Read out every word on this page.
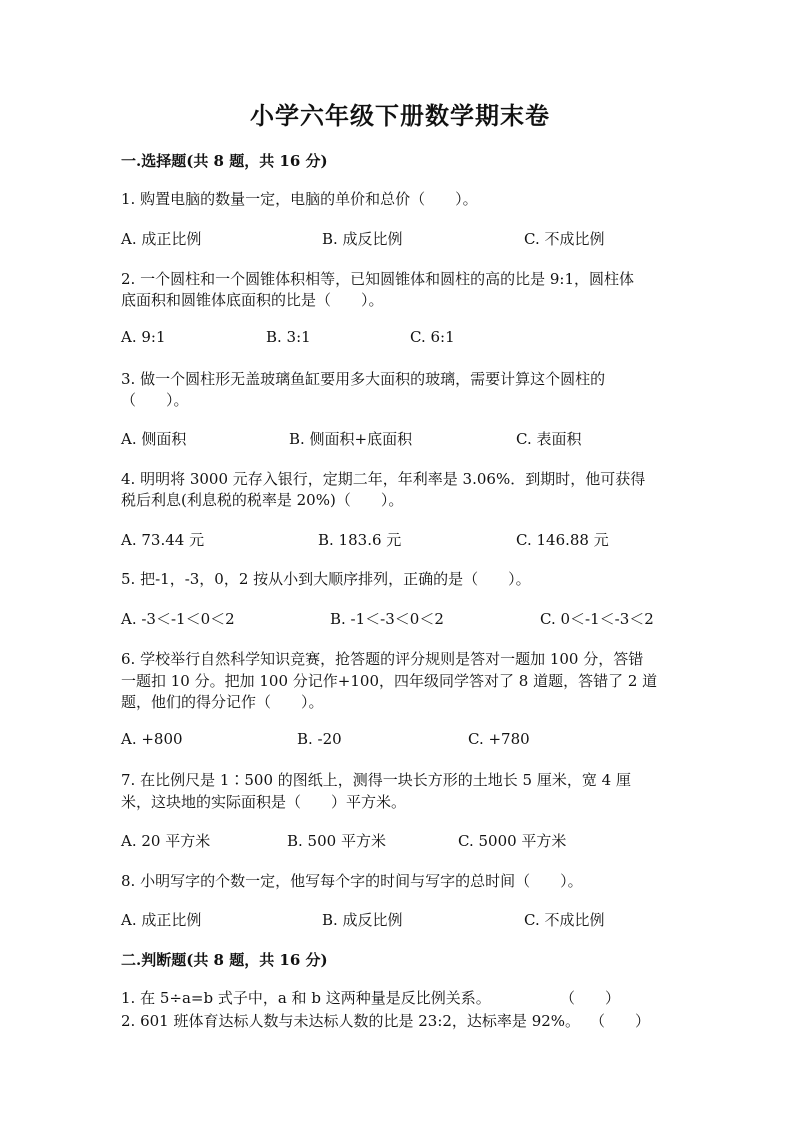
小学六年级下册数学期末卷
一.选择题(共 8 题，共 16 分)
1. 购置电脑的数量一定，电脑的单价和总价（　　）。
A. 成正比例	B. 成反比例	C. 不成比例
2. 一个圆柱和一个圆锥体积相等，已知圆锥体和圆柱的高的比是 9:1，圆柱体
底面积和圆锥体底面积的比是（　　）。
A. 9:1	B. 3:1	C. 6:1
3. 做一个圆柱形无盖玻璃鱼缸要用多大面积的玻璃，需要计算这个圆柱的
（　　）。
A. 侧面积	B. 侧面积+底面积	C. 表面积
4. 明明将 3000 元存入银行，定期二年，年利率是 3.06%．到期时，他可获得
税后利息(利息税的税率是 20%)（　　）。
A. 73.44 元	B. 183.6 元	C. 146.88 元
5. 把-1，-3，0，2 按从小到大顺序排列，正确的是（　　）。
A. -3＜-1＜0＜2	B. -1＜-3＜0＜2	C. 0＜-1＜-3＜2
6. 学校举行自然科学知识竞赛，抢答题的评分规则是答对一题加 100 分，答错
一题扣 10 分。把加 100 分记作+100，四年级同学答对了 8 道题，答错了 2 道
题，他们的得分记作（　　）。
A. +800	B. -20	C. +780
7. 在比例尺是 1∶500 的图纸上，测得一块长方形的土地长 5 厘米，宽 4 厘
米，这块地的实际面积是（　　）平方米。
A. 20 平方米	B. 500 平方米	C. 5000 平方米
8. 小明写字的个数一定，他写每个字的时间与写字的总时间（　　）。
A. 成正比例	B. 成反比例	C. 不成比例
二.判断题(共 8 题，共 16 分)
1. 在 5÷a=b 式子中，a 和 b 这两种量是反比例关系。	（　　）
2. 601 班体育达标人数与未达标人数的比是 23:2，达标率是 92%。 （　　）
